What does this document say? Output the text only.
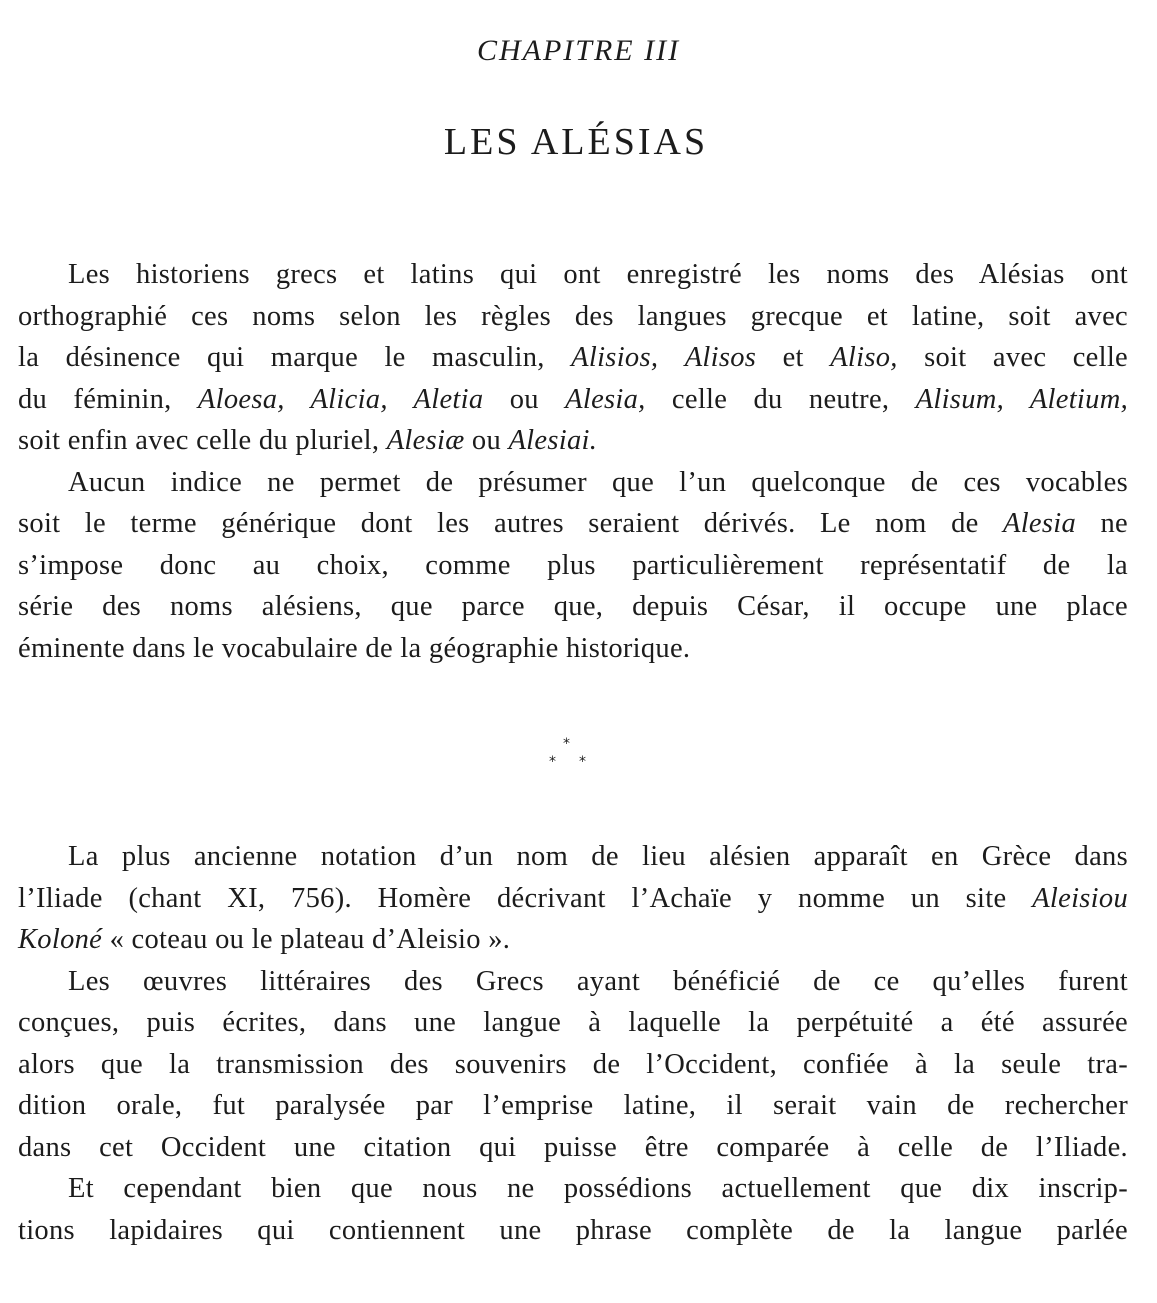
CHAPITRE III
LES ALÉSIAS
Les historiens grecs et latins qui ont enregistré les noms des Alésias ont
orthographié ces noms selon les règles des langues grecque et latine, soit avec
la désinence qui marque le masculin, Alisios, Alisos et Aliso, soit avec celle
du féminin, Aloesa, Alicia, Aletia ou Alesia, celle du neutre, Alisum, Aletium,
soit enfin avec celle du pluriel, Alesiæ ou Alesiai.
Aucun indice ne permet de présumer que l’un quelconque de ces vocables
soit le terme générique dont les autres seraient dérivés. Le nom de Alesia ne
s’impose donc au choix, comme plus particulièrement représentatif de la
série des noms alésiens, que parce que, depuis César, il occupe une place
éminente dans le vocabulaire de la géographie historique.
*
* *
La plus ancienne notation d’un nom de lieu alésien apparaît en Grèce dans
l’Iliade (chant XI, 756). Homère décrivant l’Achaïe y nomme un site Aleisiou
Koloné « coteau ou le plateau d’Aleisio ».
Les œuvres littéraires des Grecs ayant bénéficié de ce qu’elles furent
conçues, puis écrites, dans une langue à laquelle la perpétuité a été assurée
alors que la transmission des souvenirs de l’Occident, confiée à la seule tra-
dition orale, fut paralysée par l’emprise latine, il serait vain de rechercher
dans cet Occident une citation qui puisse être comparée à celle de l’Iliade.
Et cependant bien que nous ne possédions actuellement que dix inscrip-
tions lapidaires qui contiennent une phrase complète de la langue parlée
